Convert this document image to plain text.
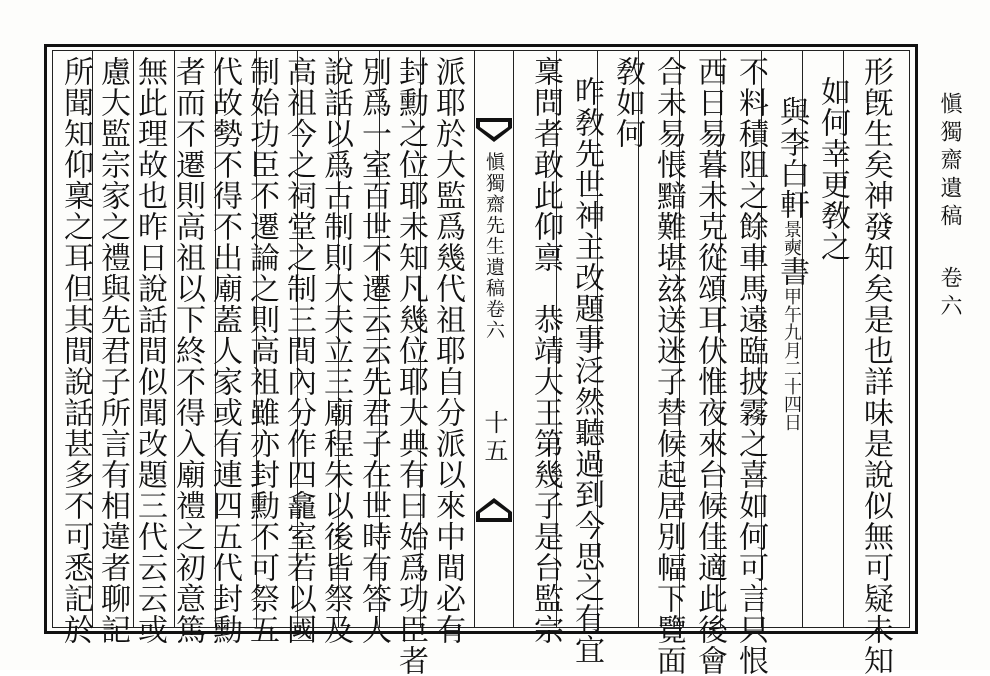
愼獨齋遺稿卷六
愼獨齋先生遺稿卷六
十五	形旣生矣神發知矣是也詳味是說似無可疑未知
如何幸更敎之
與李白軒景奭書甲午九月二十四日
不料積阻之餘車馬遠臨披霧之喜如何可言只恨
西日易暮未克從頌耳伏惟夜來台候佳適此後會
合未易悵黯難堪玆送迷子替候起居別幅下覽面
敎如何
昨敎先世神主改題事泛然聽過到今思之有宜
稟問者敢此仰禀　恭靖大王第幾子是台監宗
派耶於大監爲幾代祖耶自分派以來中間必有
封勳之位耶未知凡幾位耶大典有曰始爲功臣者
別爲一室百世不遷云云先君子在世時有答人
說話以爲古制則大夫立三廟程朱以後皆祭及
高祖今之祠堂之制三間內分作四龕室若以國
制始功臣不遷論之則高祖雖亦封勳不可祭五
代故勢不得不出廟蓋人家或有連四五代封勳
者而不遷則高祖以下終不得入廟禮之初意篤
無此理故也昨日說話間似聞改題三代云云或
慮大監宗家之禮與先君子所言有相違者聊記
所聞知仰稟之耳但其間說話甚多不可悉記於
